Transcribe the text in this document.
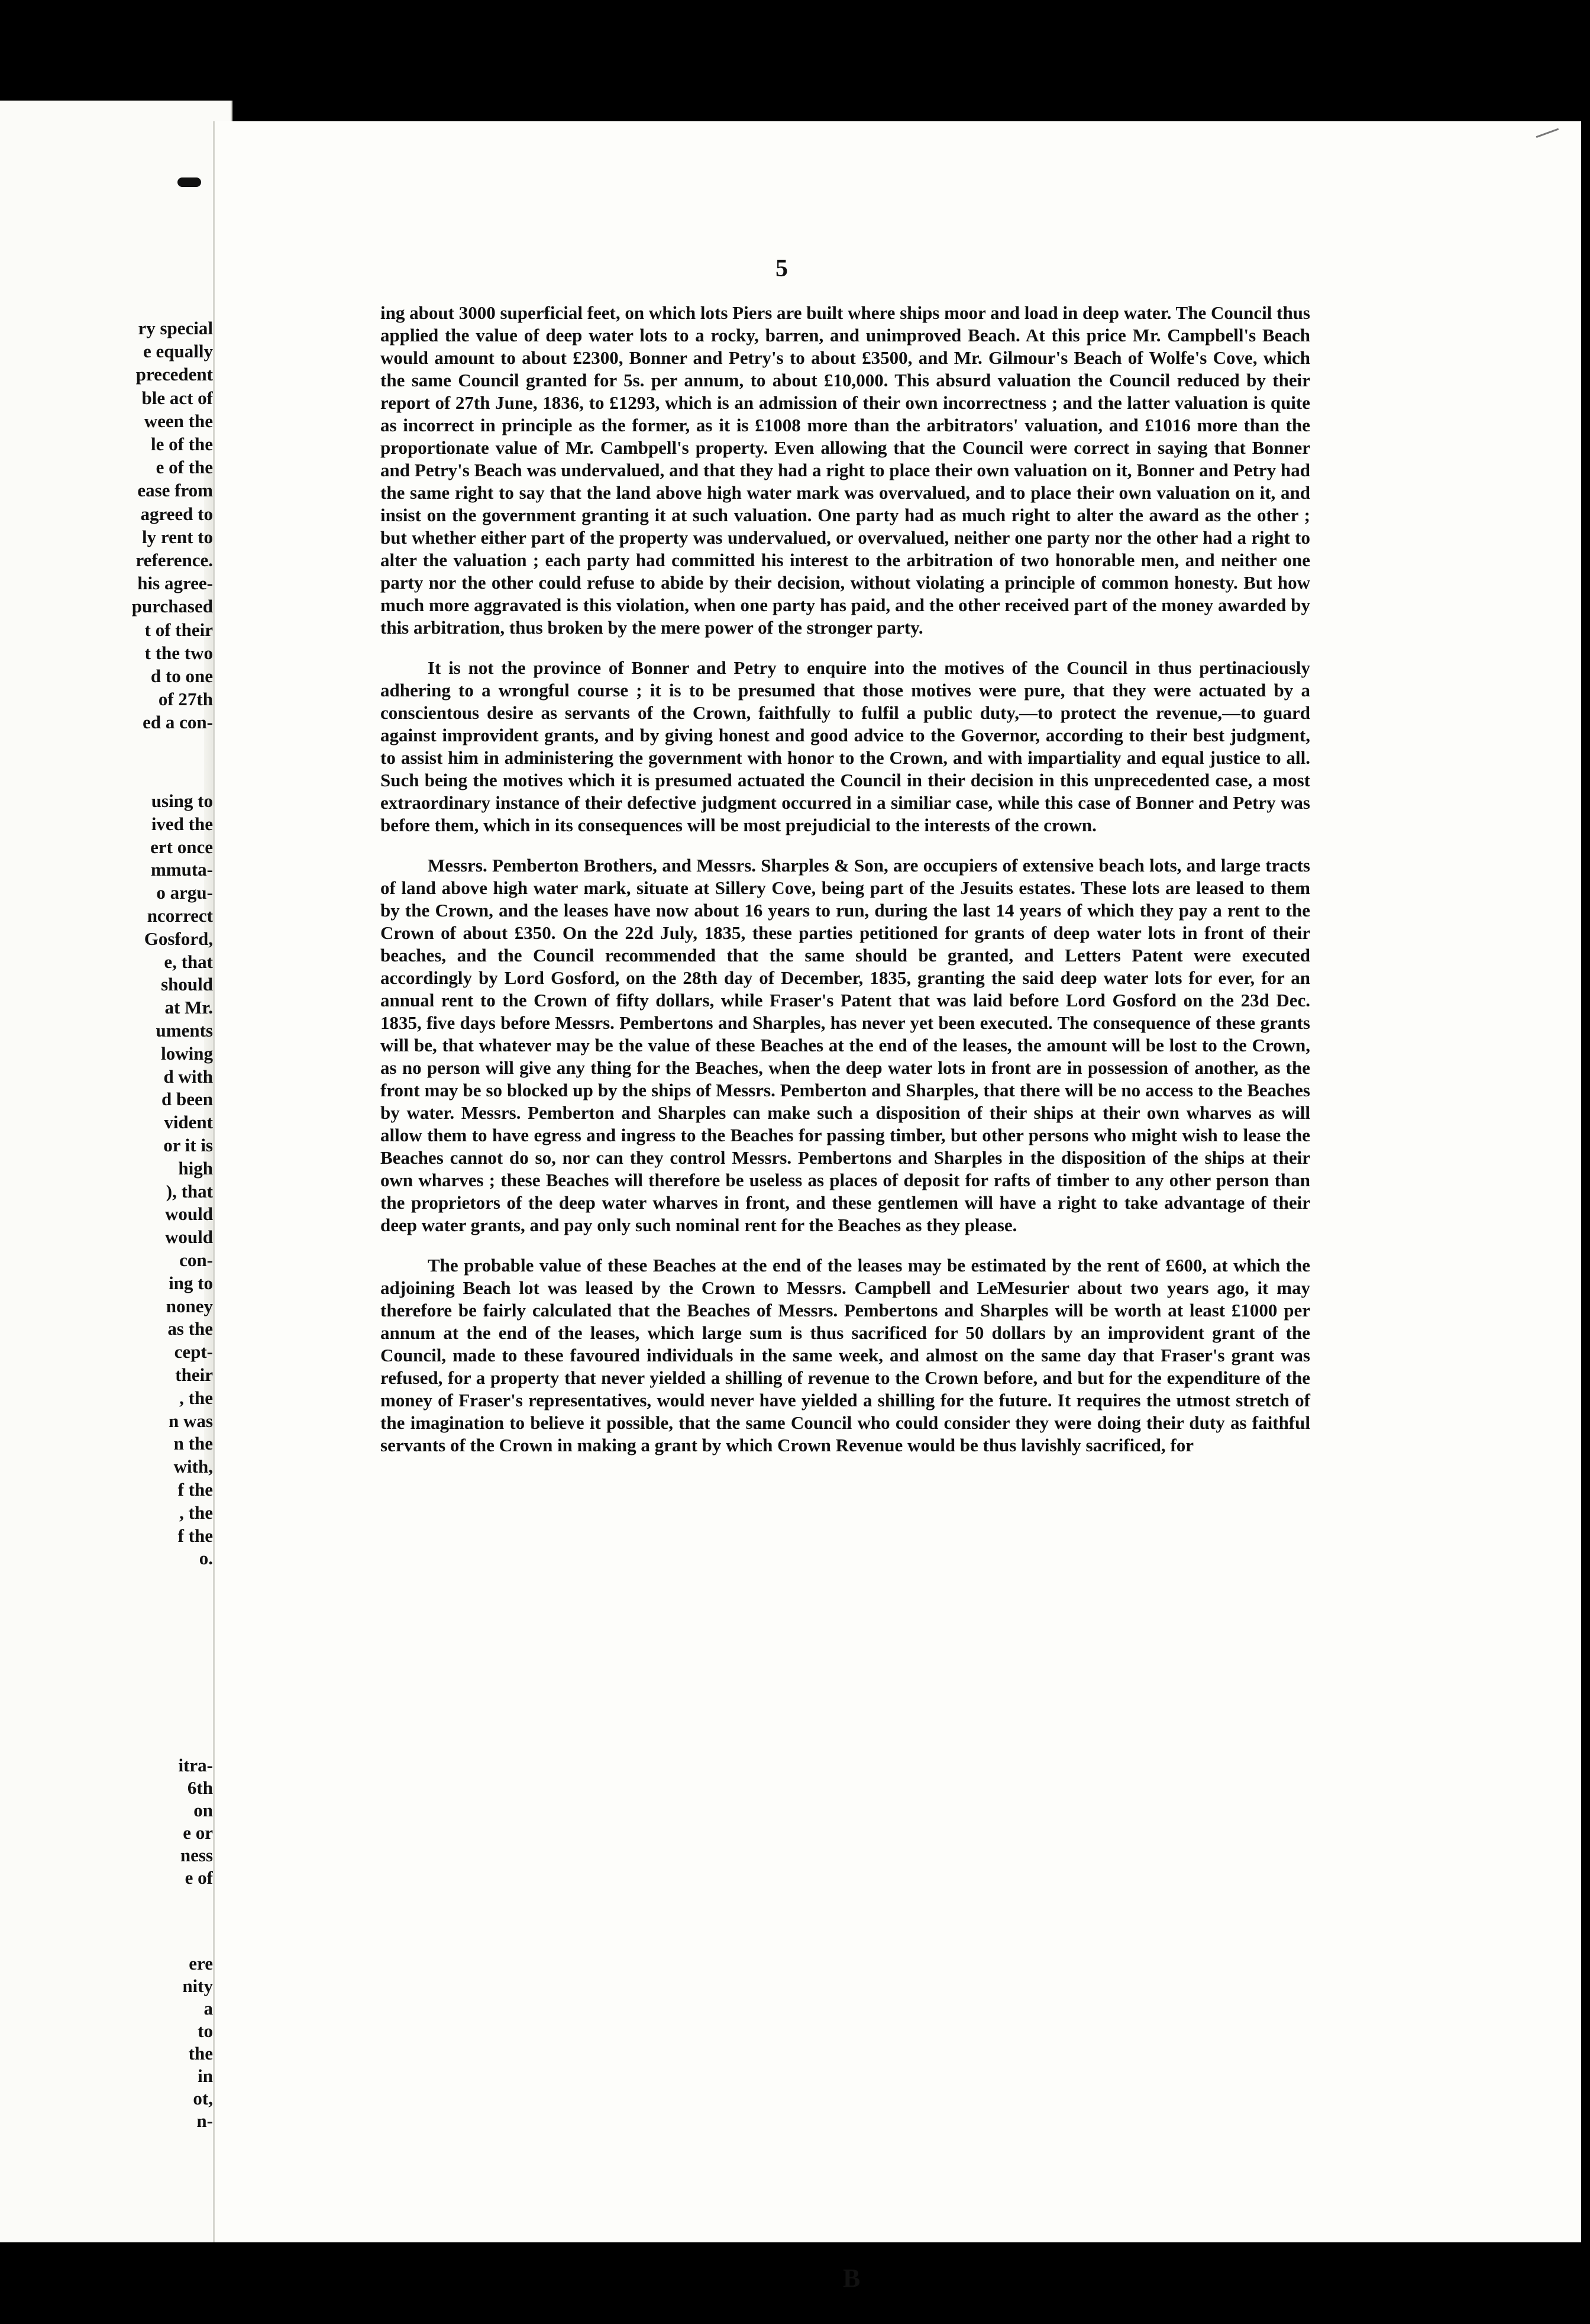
ry special
e equally
precedent
ble act of
ween the
le of the
e of the
ease from
agreed to
ly rent to
reference.
his agree-
purchased
t of their
t the two
d to one
of 27th
ed a con-
using to
ived the
ert once
mmuta-
o argu-
ncorrect
Gosford,
e, that
should
at Mr.
uments
lowing
d with
d been
vident
or it is
high
), that
would
would
con-
ing to
noney
as the
cept-
their
, the
n was
n the
with,
f the
, the
f the
o.
itra-
6th
on
e or
ness
e of
ere
nity
a
to
the
in
ot,
n-
5

ing about 3000 superficial feet, on which lots Piers are built where ships moor and load in deep water. The Council thus applied the value of deep water lots to a rocky, barren, and unimproved Beach. At this price Mr. Campbell's Beach would amount to about £2300, Bonner and Petry's to about £3500, and Mr. Gilmour's Beach of Wolfe's Cove, which the same Council granted for 5s. per annum, to about £10,000. This absurd valuation the Council reduced by their report of 27th June, 1836, to £1293, which is an admission of their own incorrectness ; and the latter valuation is quite as incorrect in principle as the former, as it is £1008 more than the arbitrators' valuation, and £1016 more than the proportionate value of Mr. Cambpell's property. Even allowing that the Council were correct in saying that Bonner and Petry's Beach was undervalued, and that they had a right to place their own valuation on it, Bonner and Petry had the same right to say that the land above high water mark was overvalued, and to place their own valuation on it, and insist on the government granting it at such valuation. One party had as much right to alter the award as the other ; but whether either part of the property was undervalued, or overvalued, neither one party nor the other had a right to alter the valuation ; each party had committed his interest to the arbitration of two honorable men, and neither one party nor the other could refuse to abide by their decision, without violating a principle of common honesty. But how much more aggravated is this violation, when one party has paid, and the other received part of the money awarded by this arbitration, thus broken by the mere power of the stronger party.

It is not the province of Bonner and Petry to enquire into the motives of the Council in thus pertinaciously adhering to a wrongful course ; it is to be presumed that those motives were pure, that they were actuated by a conscientous desire as servants of the Crown, faithfully to fulfil a public duty,—to protect the revenue,—to guard against improvident grants, and by giving honest and good advice to the Governor, according to their best judgment, to assist him in administering the government with honor to the Crown, and with impartiality and equal justice to all. Such being the motives which it is presumed actuated the Council in their decision in this unprecedented case, a most extraordinary instance of their defective judgment occurred in a similiar case, while this case of Bonner and Petry was before them, which in its consequences will be most prejudicial to the interests of the crown.

Messrs. Pemberton Brothers, and Messrs. Sharples & Son, are occupiers of extensive beach lots, and large tracts of land above high water mark, situate at Sillery Cove, being part of the Jesuits estates. These lots are leased to them by the Crown, and the leases have now about 16 years to run, during the last 14 years of which they pay a rent to the Crown of about £350. On the 22d July, 1835, these parties petitioned for grants of deep water lots in front of their beaches, and the Council recommended that the same should be granted, and Letters Patent were executed accordingly by Lord Gosford, on the 28th day of December, 1835, granting the said deep water lots for ever, for an annual rent to the Crown of fifty dollars, while Fraser's Patent that was laid before Lord Gosford on the 23d Dec. 1835, five days before Messrs. Pembertons and Sharples, has never yet been executed. The consequence of these grants will be, that whatever may be the value of these Beaches at the end of the leases, the amount will be lost to the Crown, as no person will give any thing for the Beaches, when the deep water lots in front are in possession of another, as the front may be so blocked up by the ships of Messrs. Pemberton and Sharples, that there will be no access to the Beaches by water. Messrs. Pemberton and Sharples can make such a disposition of their ships at their own wharves as will allow them to have egress and ingress to the Beaches for passing timber, but other persons who might wish to lease the Beaches cannot do so, nor can they control Messrs. Pembertons and Sharples in the disposition of the ships at their own wharves ; these Beaches will therefore be useless as places of deposit for rafts of timber to any other person than the proprietors of the deep water wharves in front, and these gentlemen will have a right to take advantage of their deep water grants, and pay only such nominal rent for the Beaches as they please.

The probable value of these Beaches at the end of the leases may be estimated by the rent of £600, at which the adjoining Beach lot was leased by the Crown to Messrs. Campbell and LeMesurier about two years ago, it may therefore be fairly calculated that the Beaches of Messrs. Pembertons and Sharples will be worth at least £1000 per annum at the end of the leases, which large sum is thus sacrificed for 50 dollars by an improvident grant of the Council, made to these favoured individuals in the same week, and almost on the same day that Fraser's grant was refused, for a property that never yielded a shilling of revenue to the Crown before, and but for the expenditure of the money of Fraser's representatives, would never have yielded a shilling for the future. It requires the utmost stretch of the imagination to believe it possible, that the same Council who could consider they were doing their duty as faithful servants of the Crown in making a grant by which Crown Revenue would be thus lavishly sacrificed, for

B
